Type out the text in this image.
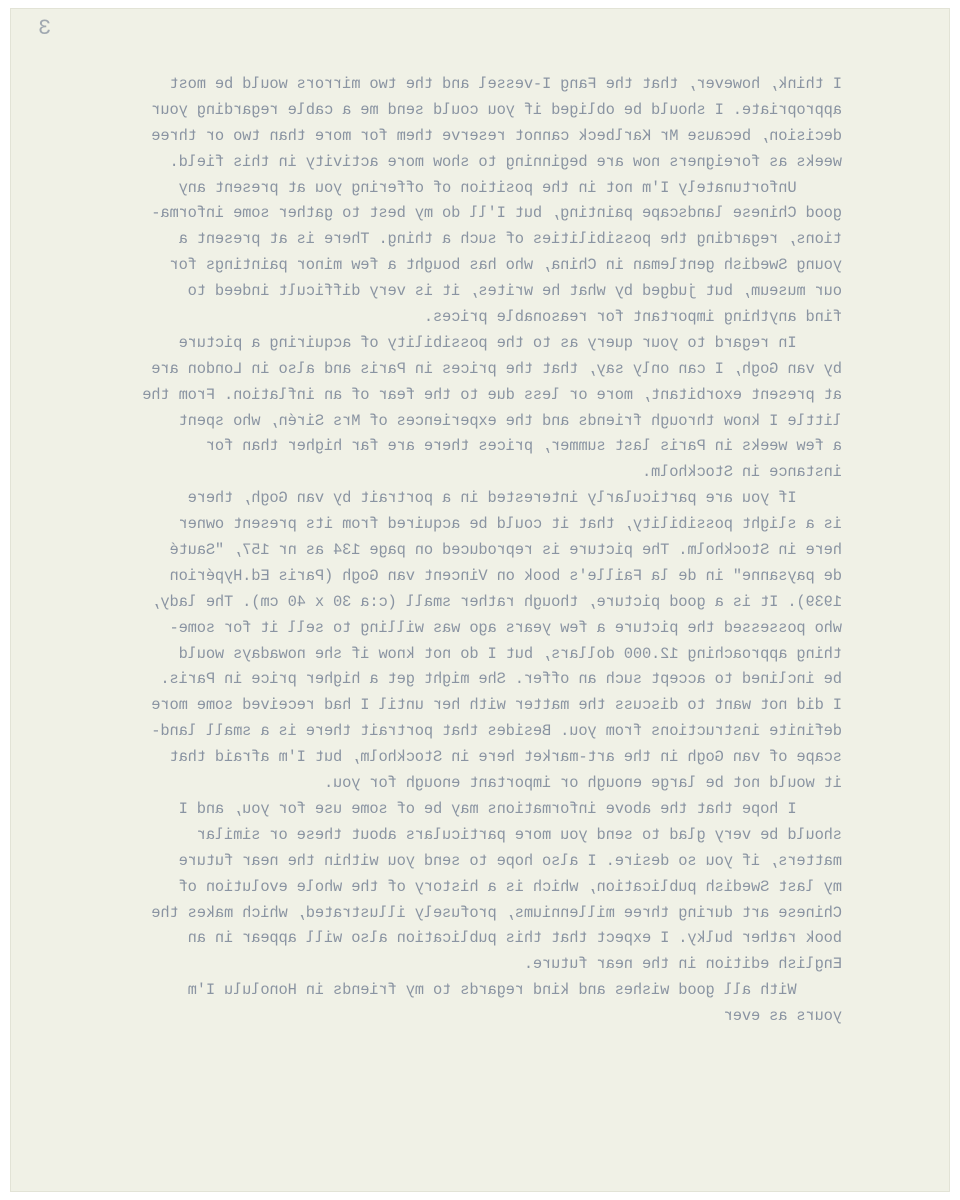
3
I think, however, that the Fang I-vessel and the two mirrors would be most
appropriate. I should be obliged if you could send me a cable regarding your
decision, because Mr Karlbeck cannot reserve them for more than two or three
weeks as foreigners now are beginning to show more activity in this field.
Unfortunately I'm not in the position of offering you at present any
good Chinese landscape painting, but I'll do my best to gather some informa-
tions, regarding the possibilities of such a thing. There is at present a
young Swedish gentleman in China, who has bought a few minor paintings for
our museum, but judged by what he writes, it is very difficult indeed to
find anything important for reasonable prices.
In regard to your query as to the possibility of acquiring a picture
by van Gogh, I can only say, that the prices in Paris and also in London are
at present exorbitant, more or less due to the fear of an inflation. From the
little I know through friends and the experiences of Mrs Sirén, who spent
a few weeks in Paris last summer, prices there are far higher than for
instance in Stockholm.
If you are particularly interested in a portrait by van Gogh, there
is a slight possibility, that it could be acquired from its present owner
here in Stockholm. The picture is reproduced on page 134 as nr 157, "Sauté
de paysanne" in de la Faille's book on Vincent van Gogh (Paris Ed.Hypérion
1939). It is a good picture, though rather small (c:a 30 x 40 cm). The lady,
who possessed the picture a few years ago was willing to sell it for some-
thing approaching 12.000 dollars, but I do not know if she nowadays would
be inclined to accept such an offer. She might get a higher price in Paris.
I did not want to discuss the matter with her until I had received some more
definite instructions from you. Besides that portrait there is a small land-
scape of van Gogh in the art-market here in Stockholm, but I'm afraid that
it would not be large enough or important enough for you.
I hope that the above informations may be of some use for you, and I
should be very glad to send you more particulars about these or similar
matters, if you so desire. I also hope to send you within the near future
my last Swedish publication, which is a history of the whole evolution of
Chinese art during three millenniums, profusely illustrated, which makes the
book rather bulky. I expect that this publication also will appear in an
English edition in the near future.
With all good wishes and kind regards to my friends in Honolulu I'm
yours as ever
